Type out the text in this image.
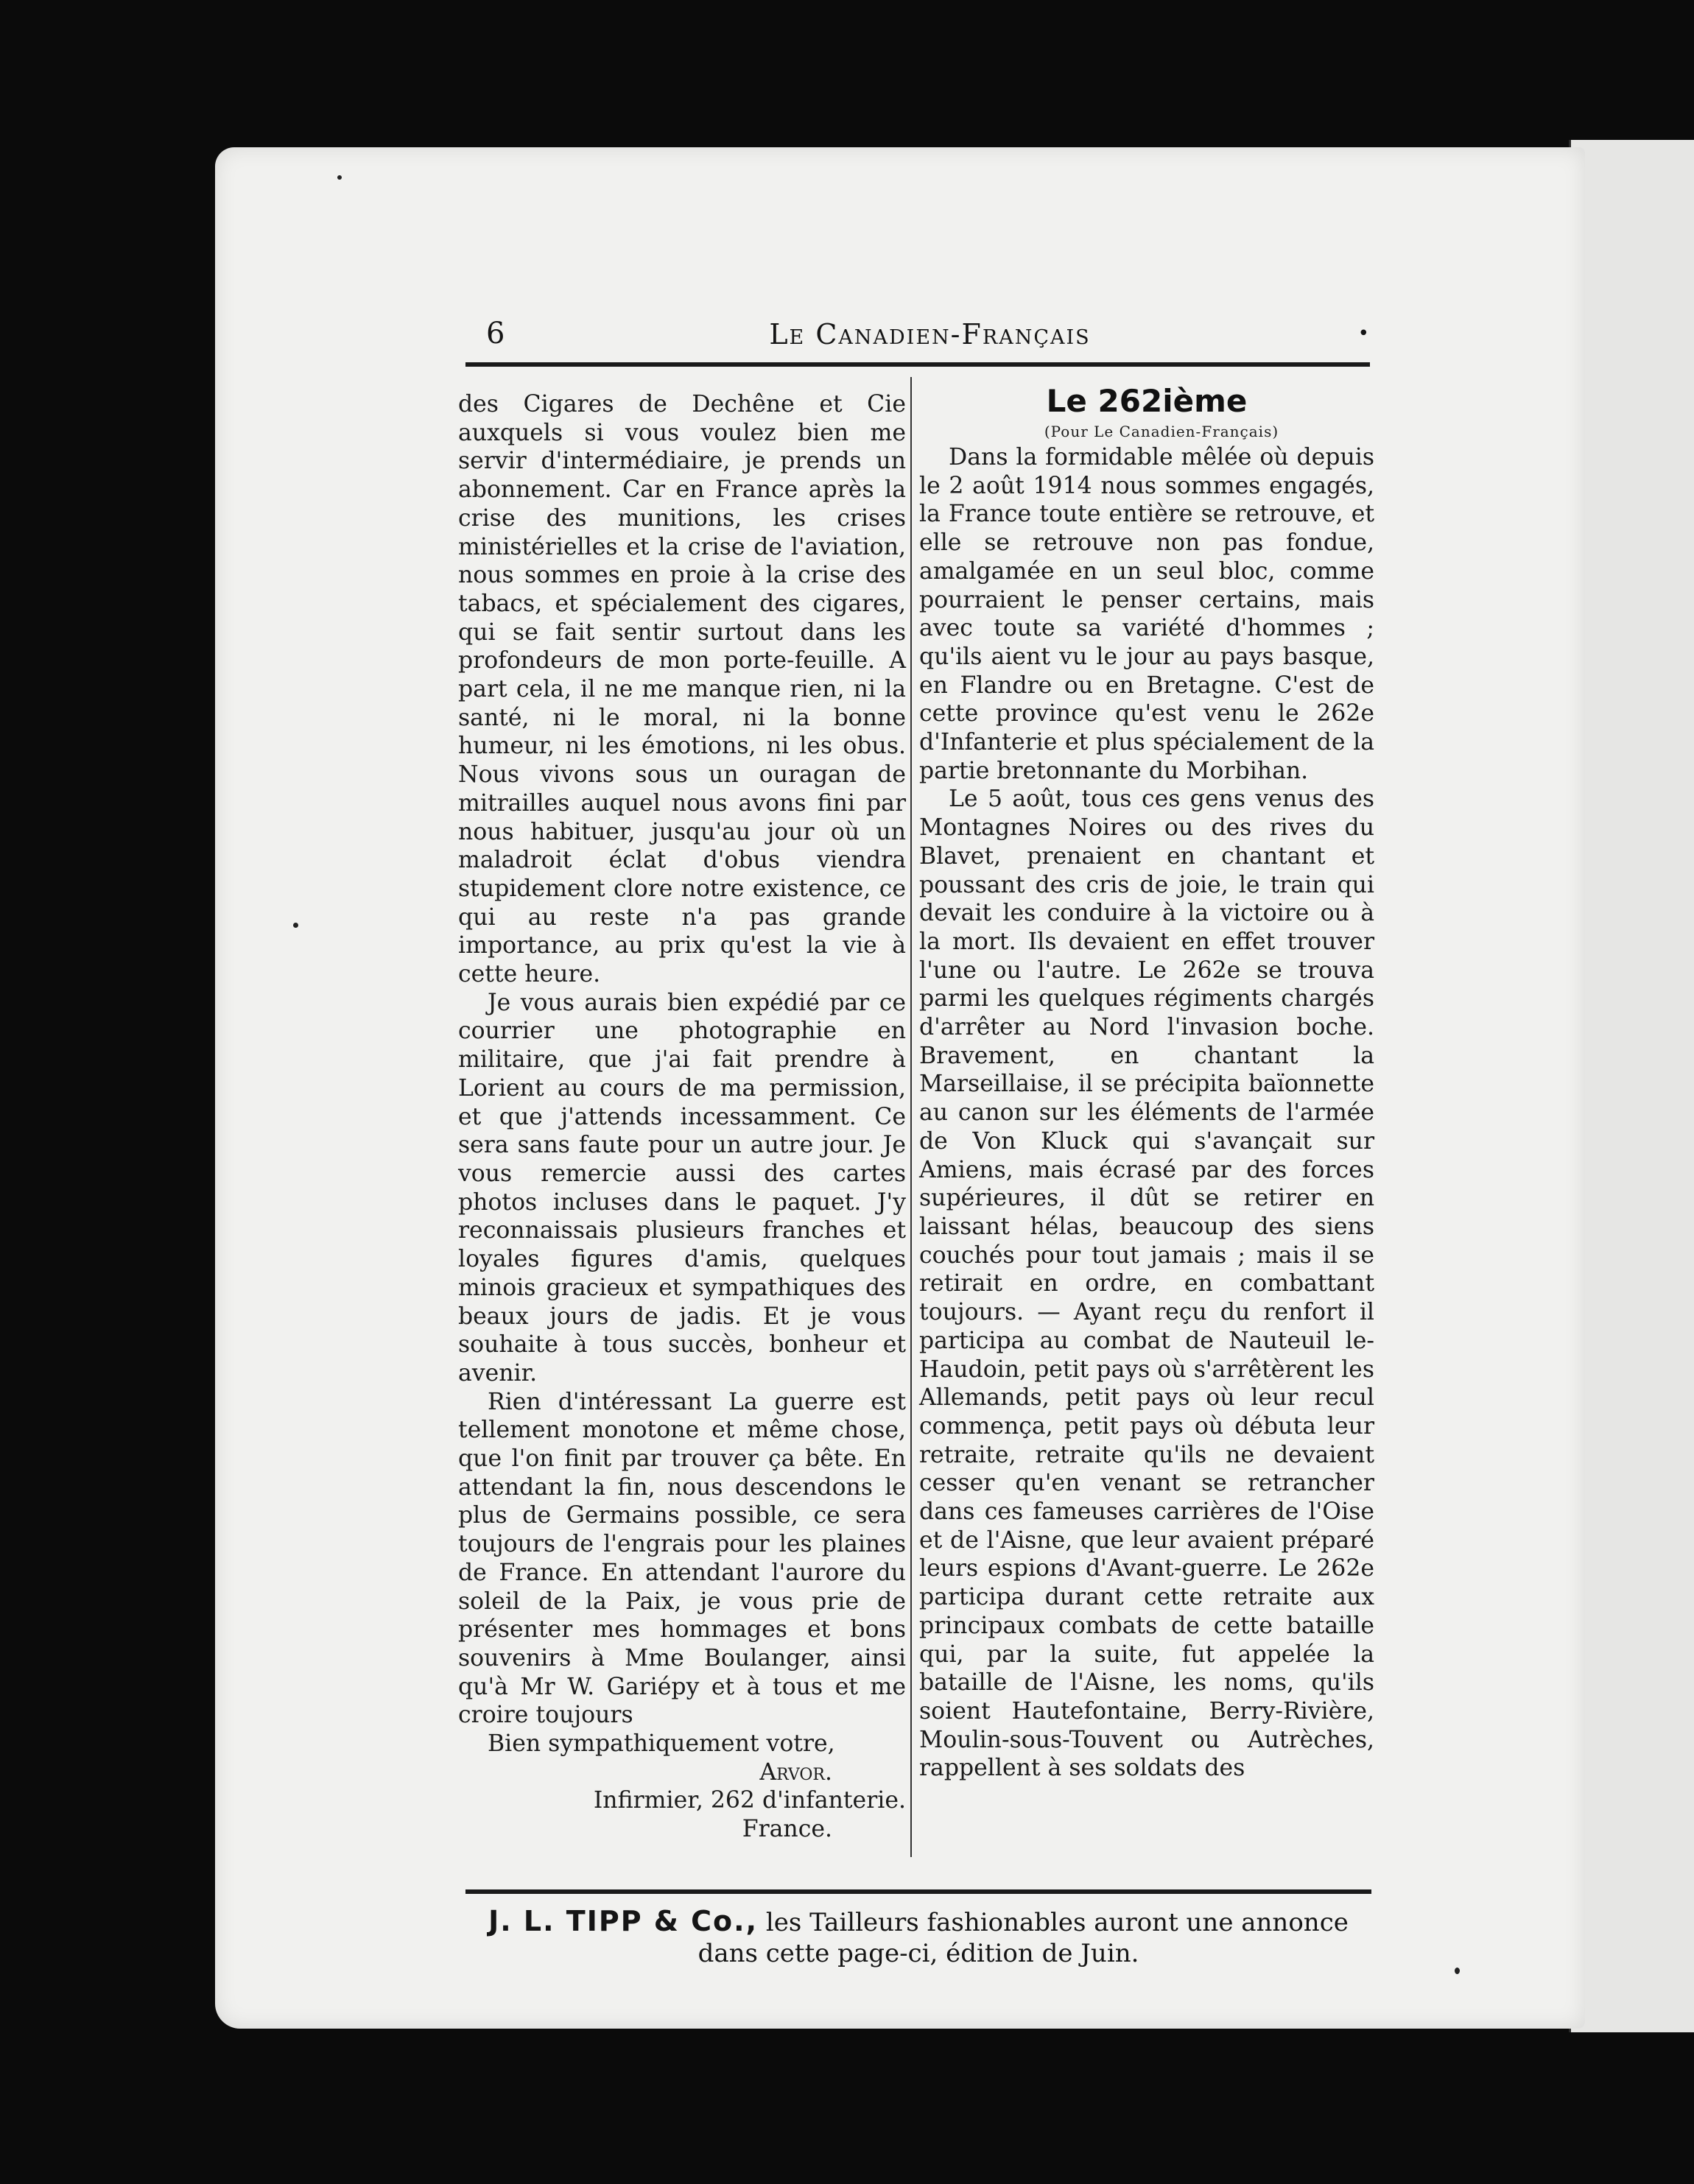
6	Le Canadien-Français	•

des Cigares de Dechêne et Cie auxquels si vous voulez bien me servir d'intermédiaire, je prends un abonnement. Car en France après la crise des munitions, les crises ministérielles et la crise de l'aviation, nous sommes en proie à la crise des tabacs, et spécialement des cigares, qui se fait sentir surtout dans les profondeurs de mon porte-feuille. A part cela, il ne me manque rien, ni la santé, ni le moral, ni la bonne humeur, ni les émotions, ni les obus. Nous vivons sous un ouragan de mitrailles auquel nous avons fini par nous habituer, jusqu'au jour où un maladroit éclat d'obus viendra stupidement clore notre existence, ce qui au reste n'a pas grande importance, au prix qu'est la vie à cette heure.

Je vous aurais bien expédié par ce courrier une photographie en militaire, que j'ai fait prendre à Lorient au cours de ma permission, et que j'attends incessamment. Ce sera sans faute pour un autre jour. Je vous remercie aussi des cartes photos incluses dans le paquet. J'y reconnaissais plusieurs franches et loyales figures d'amis, quelques minois gracieux et sympathiques des beaux jours de jadis. Et je vous souhaite à tous succès, bonheur et avenir.

Rien d'intéressant La guerre est tellement monotone et même chose, que l'on finit par trouver ça bête. En attendant la fin, nous descendons le plus de Germains possible, ce sera toujours de l'engrais pour les plaines de France. En attendant l'aurore du soleil de la Paix, je vous prie de présenter mes hommages et bons souvenirs à Mme Boulanger, ainsi qu'à Mr W. Gariépy et à tous et me croire toujours

Bien sympathiquement votre,

Arvor.

Infirmier, 262 d'infanterie.

France.

Le 262ième

(Pour Le Canadien-Français)

Dans la formidable mêlée où depuis le 2 août 1914 nous sommes engagés, la France toute entière se retrouve, et elle se retrouve non pas fondue, amalgamée en un seul bloc, comme pourraient le penser certains, mais avec toute sa variété d'hommes ; qu'ils aient vu le jour au pays basque, en Flandre ou en Bretagne. C'est de cette province qu'est venu le 262e d'Infanterie et plus spécialement de la partie bretonnante du Morbihan.

Le 5 août, tous ces gens venus des Montagnes Noires ou des rives du Blavet, prenaient en chantant et poussant des cris de joie, le train qui devait les conduire à la victoire ou à la mort. Ils devaient en effet trouver l'une ou l'autre. Le 262e se trouva parmi les quelques régiments chargés d'arrêter au Nord l'invasion boche. Bravement, en chantant la Marseillaise, il se précipita baïonnette au canon sur les éléments de l'armée de Von Kluck qui s'avançait sur Amiens, mais écrasé par des forces supérieures, il dût se retirer en laissant hélas, beaucoup des siens couchés pour tout jamais ; mais il se retirait en ordre, en combattant toujours. — Ayant reçu du renfort il participa au combat de Nauteuil le-Haudoin, petit pays où s'arrêtèrent les Allemands, petit pays où leur recul commença, petit pays où débuta leur retraite, retraite qu'ils ne devaient cesser qu'en venant se retrancher dans ces fameuses carrières de l'Oise et de l'Aisne, que leur avaient préparé leurs espions d'Avant-guerre. Le 262e participa durant cette retraite aux principaux combats de cette bataille qui, par la suite, fut appelée la bataille de l'Aisne, les noms, qu'ils soient Hautefontaine, Berry-Rivière, Moulin-sous-Touvent ou Autrèches, rappellent à ses soldats des

J. L. TIPP & Co., les Tailleurs fashionables auront une annonce
dans cette page-ci, édition de Juin.
